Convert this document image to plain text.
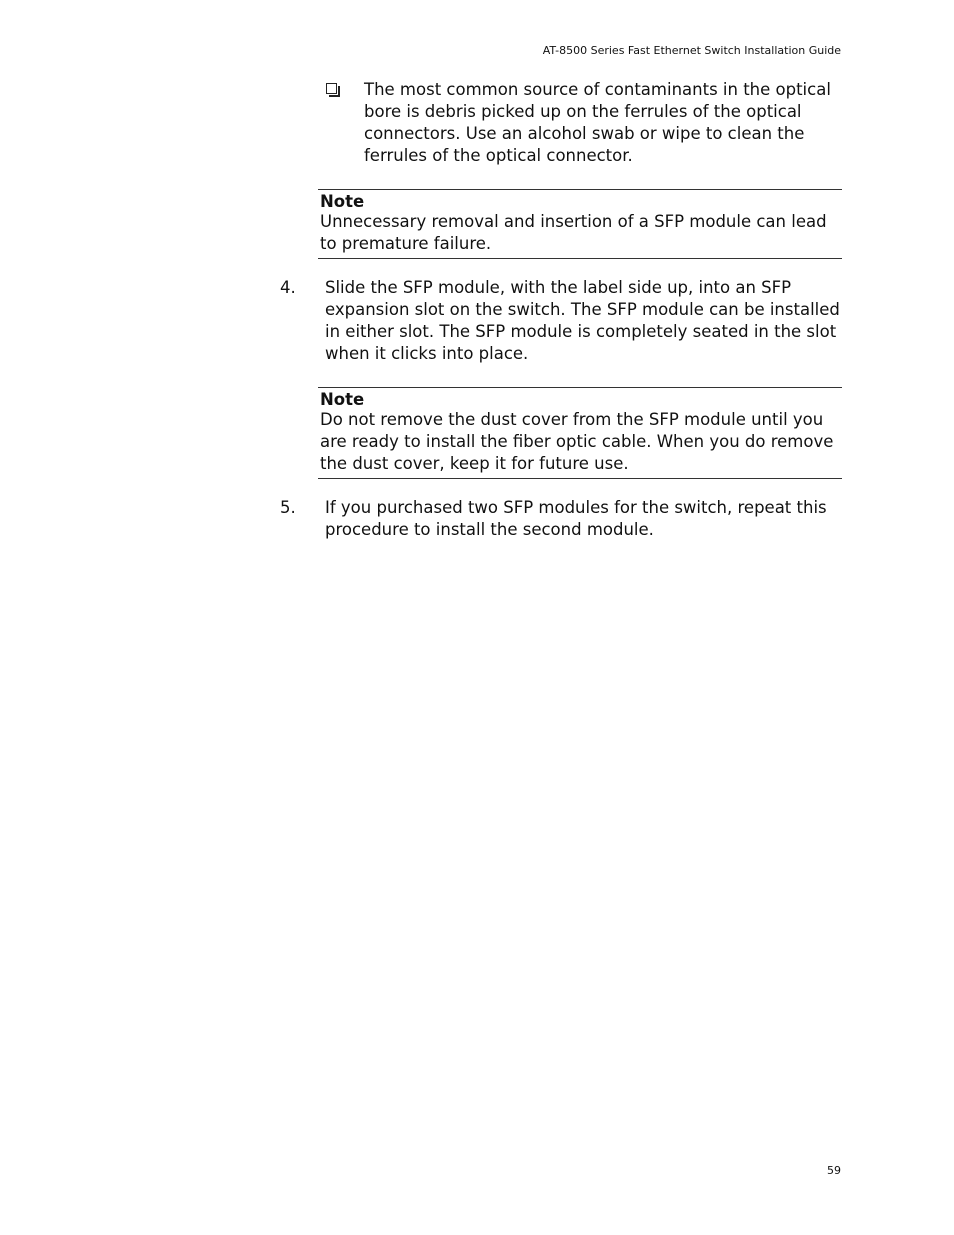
AT-8500 Series Fast Ethernet Switch Installation Guide
The most common source of contaminants in the optical bore is debris picked up on the ferrules of the optical connectors. Use an alcohol swab or wipe to clean the ferrules of the optical connector.
Note
Unnecessary removal and insertion of a SFP module can lead to premature failure.
4. Slide the SFP module, with the label side up, into an SFP expansion slot on the switch. The SFP module can be installed in either slot. The SFP module is completely seated in the slot when it clicks into place.
Note
Do not remove the dust cover from the SFP module until you are ready to install the fiber optic cable. When you do remove the dust cover, keep it for future use.
5. If you purchased two SFP modules for the switch, repeat this procedure to install the second module.
59
